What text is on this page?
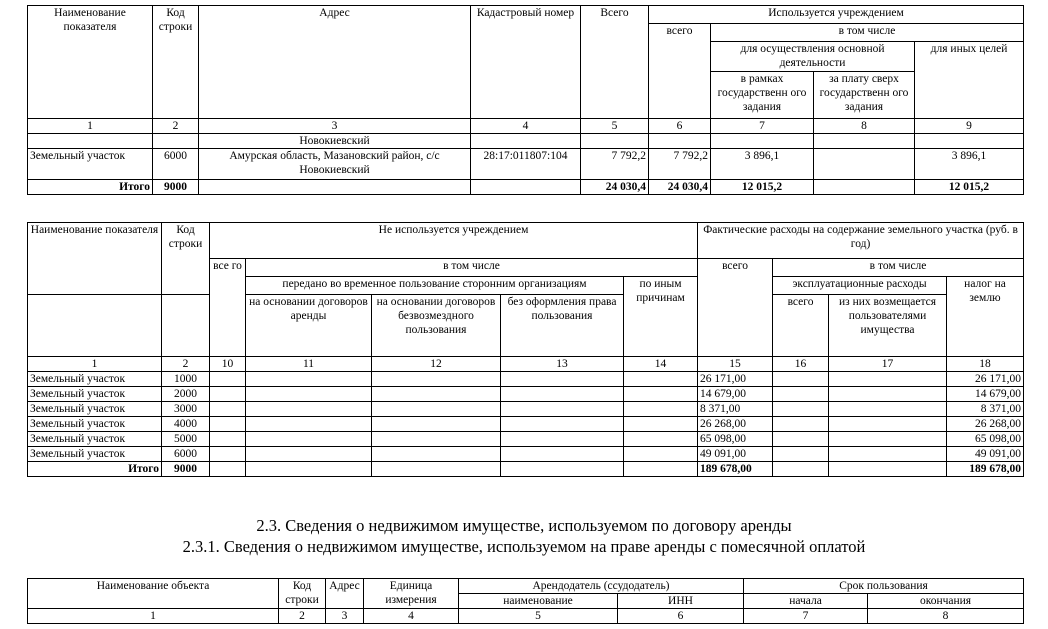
Наименование показателя	Код строки	Адрес	Кадастровый номер	Всего	Используется учреждением			
					всего	в том числе		
						для осуществления основной деятельности		для иных целей
						в рамках государственн ого задания	за плату сверх государственн ого задания	
1	2	3	4	5	6	7	8	9
		Новокиевский						
Земельный участок	6000	Амурская область, Мазановский район, с/с Новокиевский	28:17:011807:104	7 792,2	7 792,2	3 896,1		3 896,1
Итого	9000			24 030,4	24 030,4	12 015,2		12 015,2
Наименование показателя	Код строки	Не используется учреждением					Фактические расходы на содержание земельного участка (руб. в год)			

		все го	в том числе				всего	в том числе		
			передано во временное пользование сторонним организациям			по иным причинам		эксплуатационные расходы		налог на землю
			на основании договоров аренды	на основании договоров безвозмездного пользования	без оформления права пользования			всего	из них возмещается пользователями имущества	
1	2	10	11	12	13	14	15	16	17	18
Земельный участок	1000						26 171,00			26 171,00
Земельный участок	2000						14 679,00			14 679,00
Земельный участок	3000						8 371,00			8 371,00
Земельный участок	4000						26 268,00			26 268,00
Земельный участок	5000						65 098,00			65 098,00
Земельный участок	6000						49 091,00			49 091,00
Итого	9000						189 678,00			189 678,00
2.3. Сведения о недвижимом имуществе, используемом по договору аренды
2.3.1. Сведения о недвижимом имуществе, используемом на праве аренды с помесячной оплатой
Наименование объекта	Код строки	Адрес	Единица измерения	Арендодатель (ссудодатель)		Срок пользования	
				наименование	ИНН	начала	окончания
1	2	3	4	5	6	7	8
